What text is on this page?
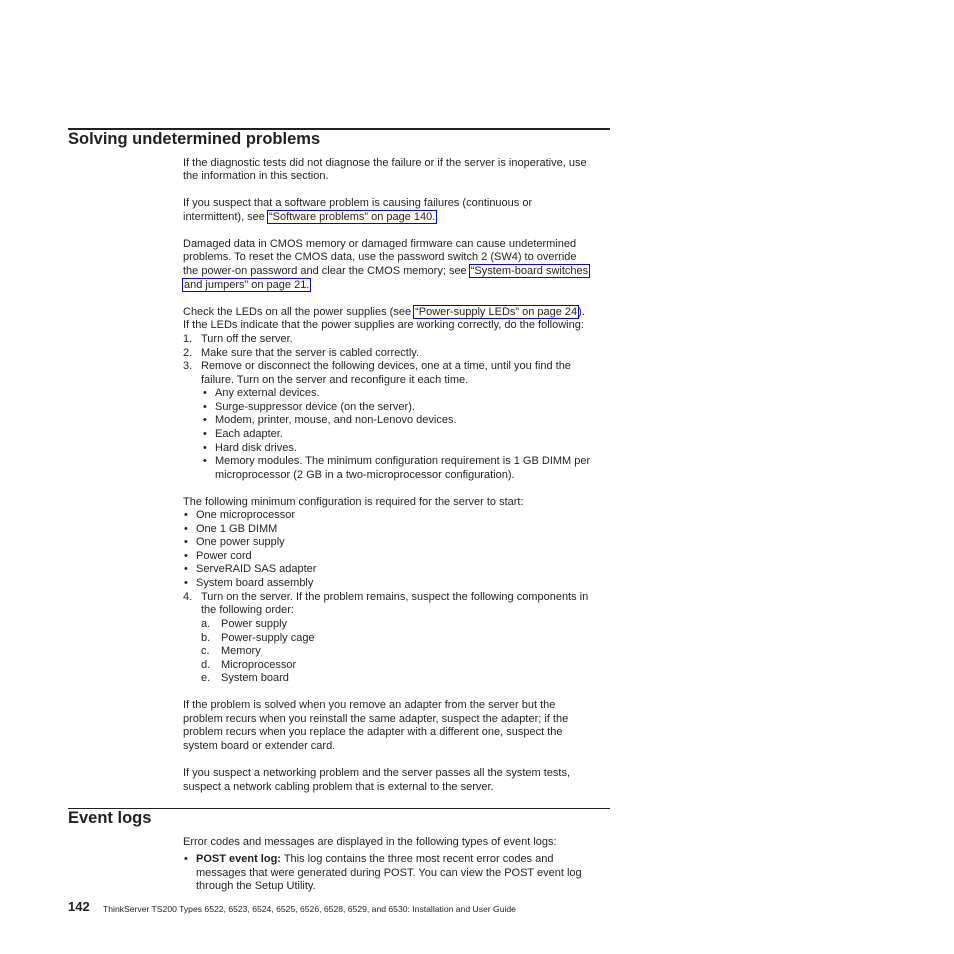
Solving undetermined problems
If the diagnostic tests did not diagnose the failure or if the server is inoperative, use
the information in this section.
If you suspect that a software problem is causing failures (continuous or
intermittent), see “Software problems” on page 140.
Damaged data in CMOS memory or damaged firmware can cause undetermined
problems. To reset the CMOS data, use the password switch 2 (SW4) to override
the power-on password and clear the CMOS memory; see “System-board switches
and jumpers” on page 21.
Check the LEDs on all the power supplies (see “Power-supply LEDs” on page 24).
If the LEDs indicate that the power supplies are working correctly, do the following:
1. Turn off the server.
2. Make sure that the server is cabled correctly.
3. Remove or disconnect the following devices, one at a time, until you find the
failure. Turn on the server and reconfigure it each time.
• Any external devices.
• Surge-suppressor device (on the server).
• Modem, printer, mouse, and non-Lenovo devices.
• Each adapter.
• Hard disk drives.
• Memory modules. The minimum configuration requirement is 1 GB DIMM per
microprocessor (2 GB in a two-microprocessor configuration).
The following minimum configuration is required for the server to start:
• One microprocessor
• One 1 GB DIMM
• One power supply
• Power cord
• ServeRAID SAS adapter
• System board assembly
4. Turn on the server. If the problem remains, suspect the following components in
the following order:
a. Power supply
b. Power-supply cage
c. Memory
d. Microprocessor
e. System board
If the problem is solved when you remove an adapter from the server but the
problem recurs when you reinstall the same adapter, suspect the adapter; if the
problem recurs when you replace the adapter with a different one, suspect the
system board or extender card.
If you suspect a networking problem and the server passes all the system tests,
suspect a network cabling problem that is external to the server.
Event logs
Error codes and messages are displayed in the following types of event logs:
• POST event log: This log contains the three most recent error codes and
messages that were generated during POST. You can view the POST event log
through the Setup Utility.
142 ThinkServer TS200 Types 6522, 6523, 6524, 6525, 6526, 6528, 6529, and 6530: Installation and User Guide
